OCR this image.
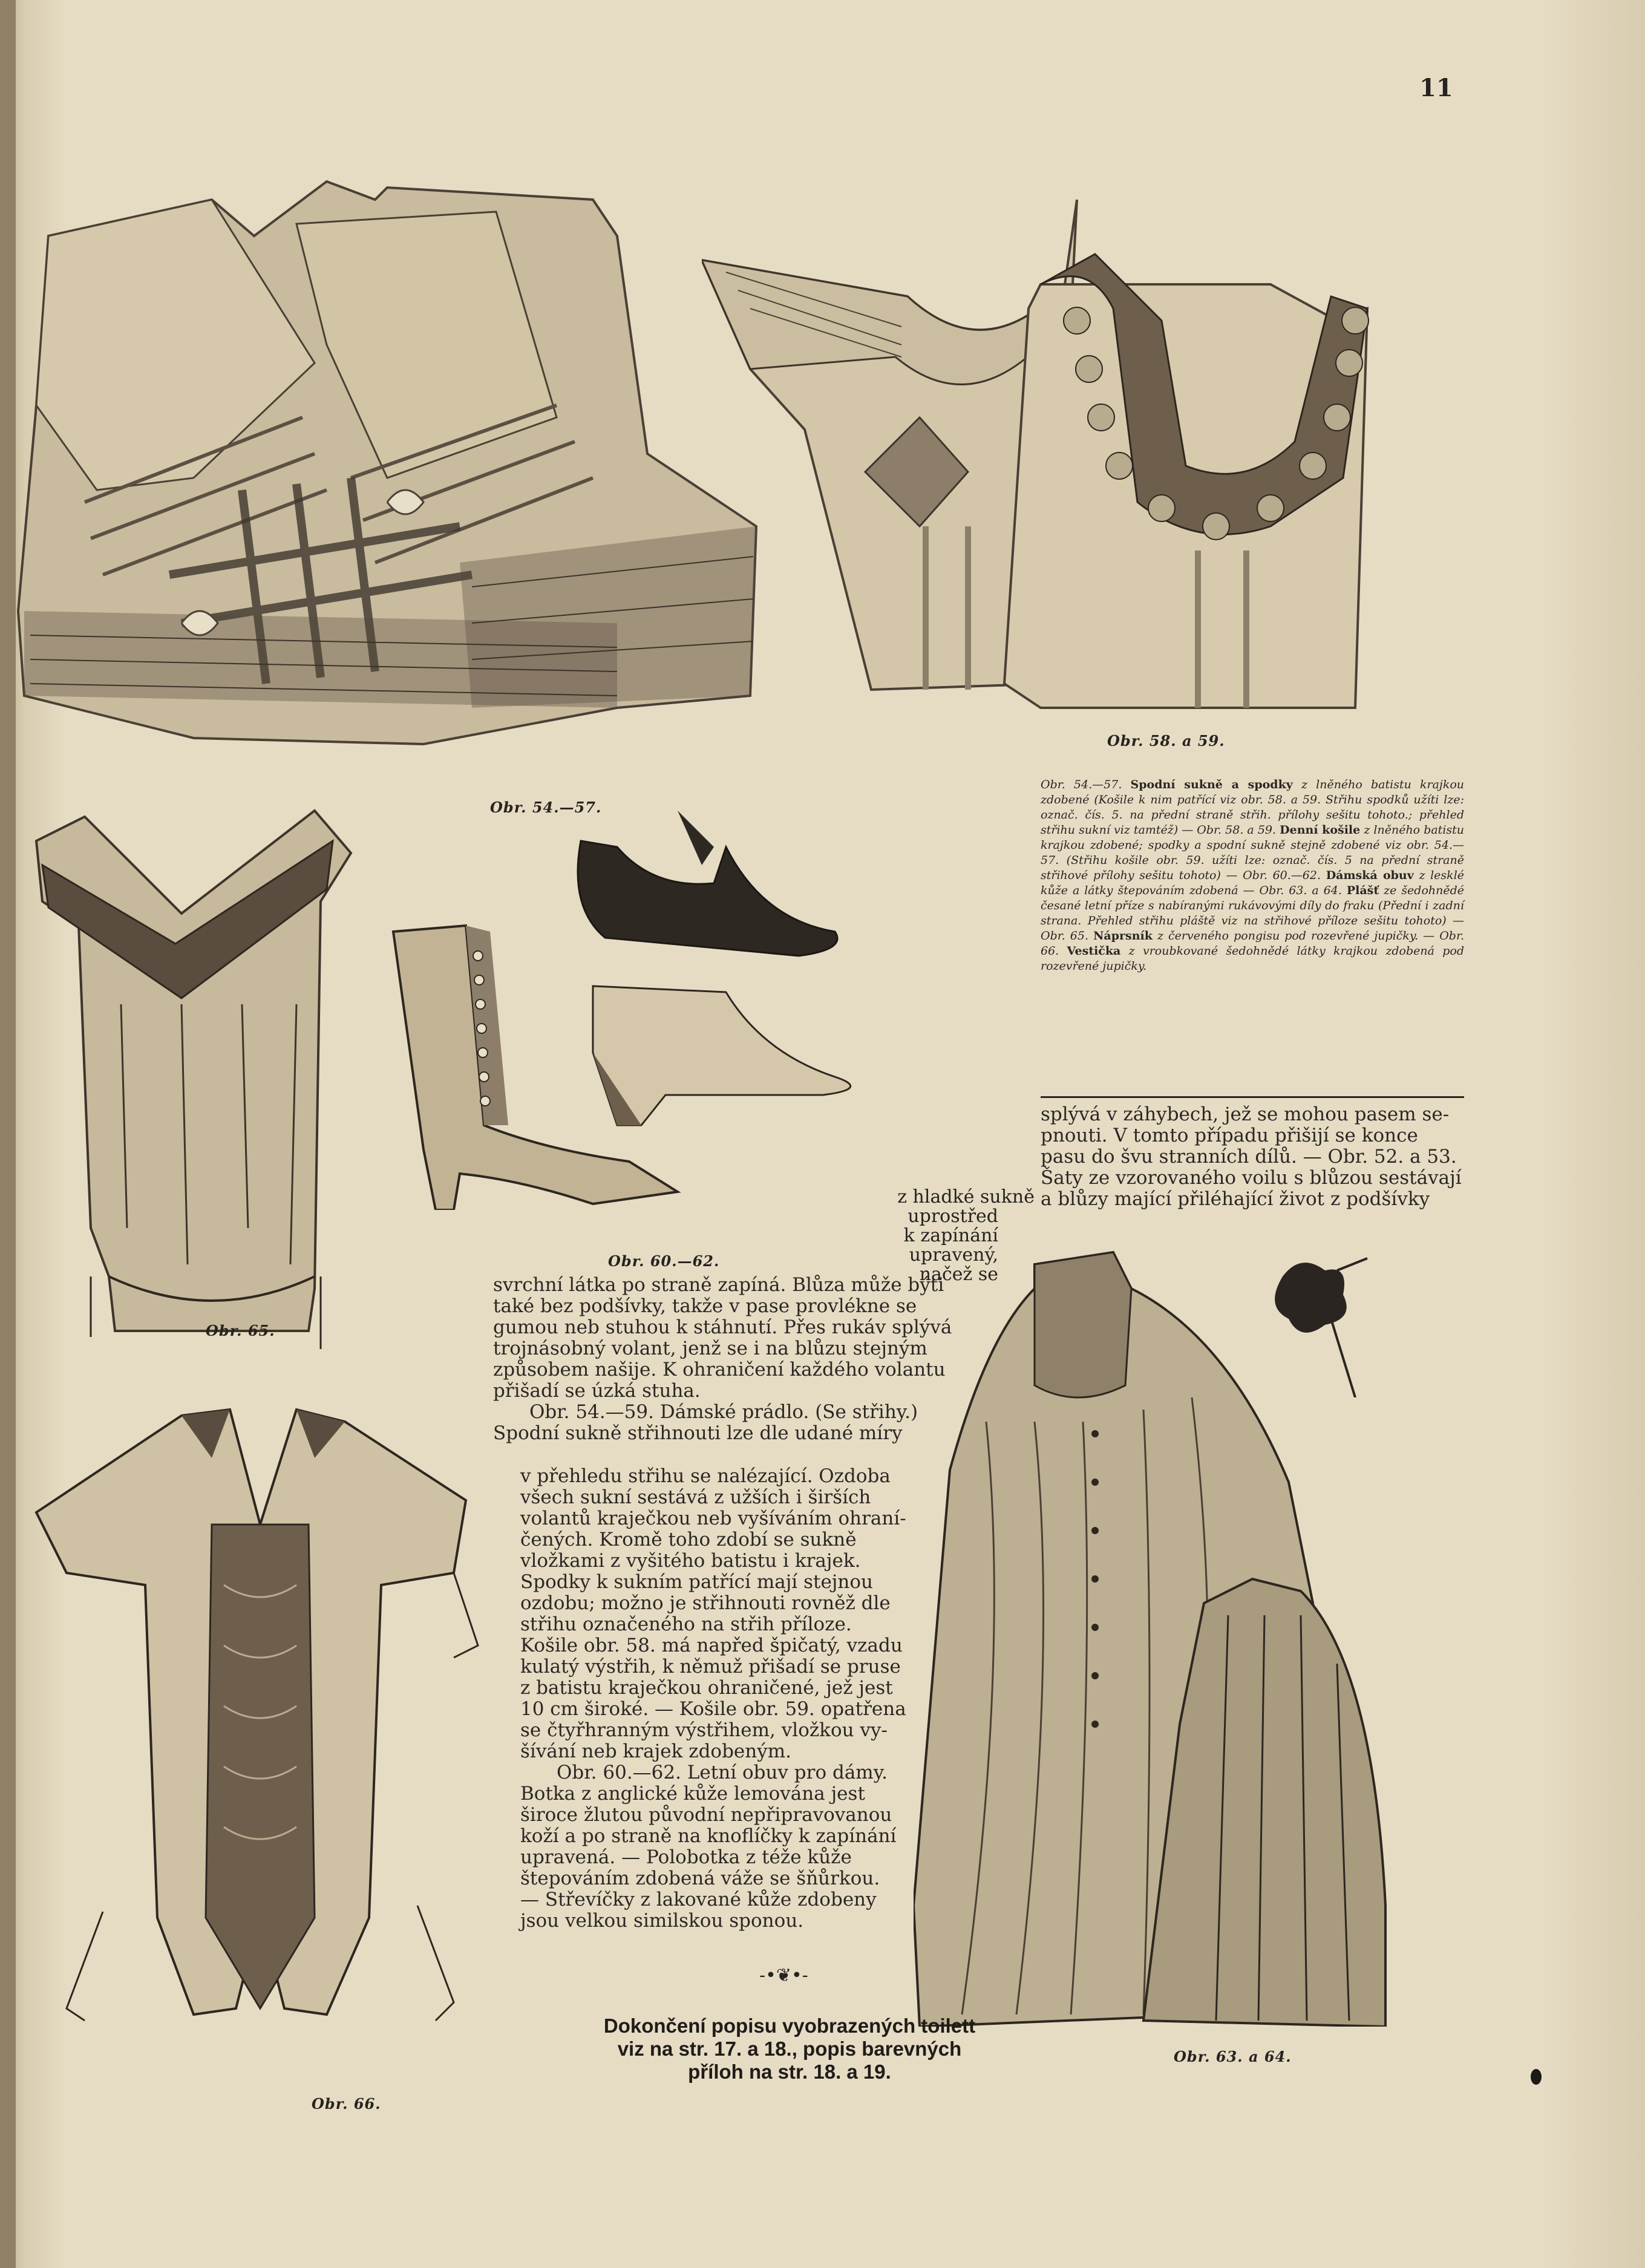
11
Obr. 54.—57.
Obr. 58. a 59.
Obr. 54.—57. Spodní sukně a spodky z lněného batistu krajkou zdobené (Košile k nim patřící viz obr. 58. a 59. Střihu spodků užíti lze: označ. čís. 5. na přední straně střih. přílohy sešitu tohoto.; přehled střihu sukní viz tamtéž) — Obr. 58. a 59. Denní košile z lněného batistu krajkou zdobené; spodky a spodní sukně stejně zdobené viz obr. 54.—57. (Střihu košile obr. 59. užíti lze: označ. čís. 5 na přední straně střihové přílohy sešitu tohoto) — Obr. 60.—62. Dámská obuv z lesklé kůže a látky štepováním zdobená — Obr. 63. a 64. Plášť ze šedohnědé česané letní příze s nabíranými rukávovými díly do fraku (Přední i zadní strana. Přehled střihu pláště viz na střihové příloze sešitu tohoto) — Obr. 65. Náprsník z červeného pongisu pod rozevřené jupičky. — Obr. 66. Vestička z vroubkované šedohnědé látky krajkou zdobená pod rozevřené jupičky.
Obr. 65.
Obr. 60.—62.

splývá v záhybech, jež se mohou pasem se-
pnouti. V tomto případu přišijí se konce
pasu do švu stranních dílů. — Obr. 52. a 53.
Šaty ze vzorovaného voilu s blůzou sestávají
a blůzy mající přiléhající život z podšívky

z hladké sukně
uprostřed
k zapínání
upravený,
načež se
Obr. 63. a 64.

svrchní látka po straně zapíná. Blůza může býti
také bez podšívky, takže v pase provlékne se
gumou neb stuhou k stáhnutí. Přes rukáv splývá
trojnásobný volant, jenž se i na blůzu stejným
způsobem našije. K ohraničení každého volantu
přišadí se úzká stuha.
Obr. 54.—59. Dámské prádlo. (Se střihy.)
Spodní sukně střihnouti lze dle udané míry

Obr. 66.

v přehledu střihu se nalézající. Ozdoba
všech sukní sestává z užších i širších
volantů kraječkou neb vyšíváním ohraní-
čených. Kromě toho zdobí se sukně
vložkami z vyšitého batistu i krajek.
Spodky k sukním patřící mají stejnou
ozdobu; možno je střihnouti rovněž dle
střihu označeného na střih příloze.
Košile obr. 58. má napřed špičatý, vzadu
kulatý výstřih, k němuž přišadí se pruse
z batistu kraječkou ohraničené, jež jest
10 cm široké. — Košile obr. 59. opatřena
se čtyřhranným výstřihem, vložkou vy-
šívání neb krajek zdobeným.
Obr. 60.—62. Letní obuv pro dámy.
Botka z anglické kůže lemována jest
široce žlutou původní nepřipravovanou
koží a po straně na knoflíčky k zapínání
upravená. — Polobotka z téže kůže
štepováním zdobená váže se šňůrkou.
— Střevíčky z lakované kůže zdobeny
jsou velkou similskou sponou.

-•❦•-
Dokončení popisu vyobrazených toilett
viz na str. 17. a 18., popis barevných
příloh na str. 18. a 19.
